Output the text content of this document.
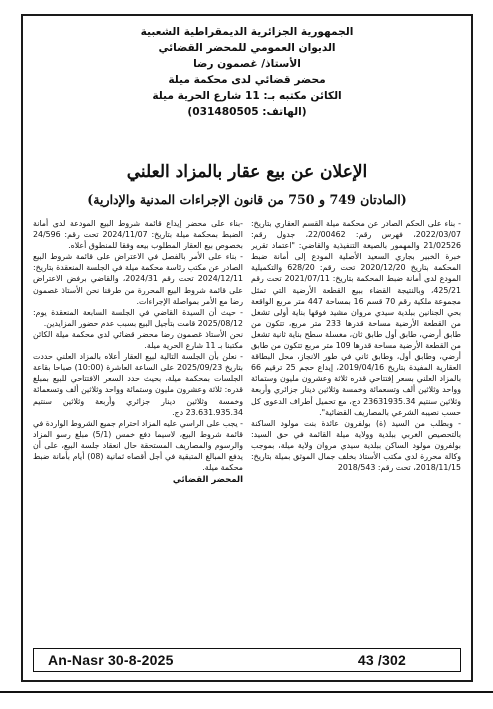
الجمهورية الجزائرية الديمقراطية الشعبية
الديوان العمومي للمحضر القضائي
الأستاذ/ غصمون رضا
محضر قضائي لدى محكمة ميلة
الكائن مكتبه بـ: 11 شارع الحرية ميلة
(الهاتف: 031480505)
الإعلان عن بيع عقار بالمزاد العلني
(المادتان 749 و 750 من قانون الإجراءات المدنية والإدارية)

- بناء على الحكم الصادر عن محكمة ميلة القسم العقاري بتاريخ: 2022/03/07، فهرس رقم: 22/00462، جدول رقم: 21/02526 والمهمور بالصيغة التنفيذية والقاضي: "اعتماد تقرير خبرة الخبير بجاري السعيد الأصلية المودع إلى أمانة ضبط المحكمة بتاريخ 2020/12/20 تحت رقم: 628/20 والتكميلية المودع لدى أمانة ضبط المحكمة بتاريخ: 2021/07/11 تحت رقم 425/21، وبالنتيجة القضاء ببيع القطعة الأرضية التي تمثل مجموعة ملكية رقم 70 قسم 16 بمساحة 447 متر مربع الواقعة بحي الجنانين ببلدية سيدي مروان مشيد فوقها بناية أولى تشغل من القطعة الأرضية مساحة قدرها 233 متر مربع، تتكون من طابق أرضي، طابق أول طابق ثان، مغسلة سطح بناية ثانية تشغل من القطعة الأرضية مساحة قدرها 109 متر مربع تتكون من طابق أرضي، وطابق أول، وطابق ثاني في طور الانجاز، محل البطاقة العقارية المفيدة بتاريخ 2019/04/16، إيداع حجم 25 ترقيم 66 بالمزاد العلني بسعر إفتتاحي قدره ثلاثة وعشرون مليون وستمائة وواحد وثلاثين ألف وتسعمائة وخمسة وثلاثين دينار جزائري وأربعة وثلاثين سنتيم 23631935.34 دج، مع تحميل أطراف الدعوى كل حسب نصيبه الشرعي بالمصاريف القضائية".
- وبطلب من السيد (ة) بولفرون عائدة بنت مولود الساكنة بالتحصيص الغربي ببلدية وولاية ميلة القائمة في حق السيد: بولفرون مولود الساكن ببلدية سيدي مروان ولاية ميلة، بموجب وكالة محررة لدى مكتب الأستاذ بخلف جمال الموثق بميلة بتاريخ: 2018/11/15، تحت رقم: 2018/543

-بناء على محضر إيداع قائمة شروط البيع المودعة لدى أمانة الضبط بمحكمة ميلة بتاريخ: 2024/11/07 تحت رقم: 24/596 بخصوص بيع العقار المطلوب بيعه وفقا للمنطوق أعلاه.
- بناء على الأمر بالفصل في الاعتراض على قائمة شروط البيع الصادر عن مكتب رئاسة محكمة ميلة في الجلسة المنعقدة بتاريخ: 2024/12/11 تحت رقم 2024/31، والقاضي برفض الاعتراض على قائمة شروط البيع المحررة من طرفنا نحن الأستاذ غصمون رضا مع الأمر بمواصلة الإجراءات.
- حيث أن السيدة القاضي في الجلسة السابعة المنعقدة يوم: 2025/08/12 قامت بتأجيل البيع بسبب عدم حضور المزايدين.
نحن الأستاذ غصمون رضا محضر قضائي لدى محكمة ميلة الكائن مكتبنا بـ 11 شارع الحرية ميلة.
- نعلن بأن الجلسة التالية لبيع العقار أعلاه بالمزاد العلني حددت بتاريخ 2025/09/23 على الساعة العاشرة (10:00) صباحا بقاعة الجلسات بمحكمة ميلة، بحيث حدد السعر الافتتاحي للبيع بمبلغ قدره: ثلاثة وعشرون مليون وستمائة وواحد وثلاثين ألف وتسعمائة وخمسة وثلاثين دينار جزائري وأربعة وثلاثين سنتيم 23.631.935.34 دج.
- يجب على الراسي عليه المزاد احترام جميع الشروط الواردة في قائمة شروط البيع، لاسيما دفع خمس (5/1) مبلغ رسو المزاد والرسوم والمصاريف المستحقة حال انعقاد جلسة البيع، على أن يدفع المبالغ المتبقية في أجل أقصاه ثمانية (08) أيام بأمانة ضبط محكمة ميلة.

المحضر القضائي
An-Nasr 30-8-2025	43 /302
